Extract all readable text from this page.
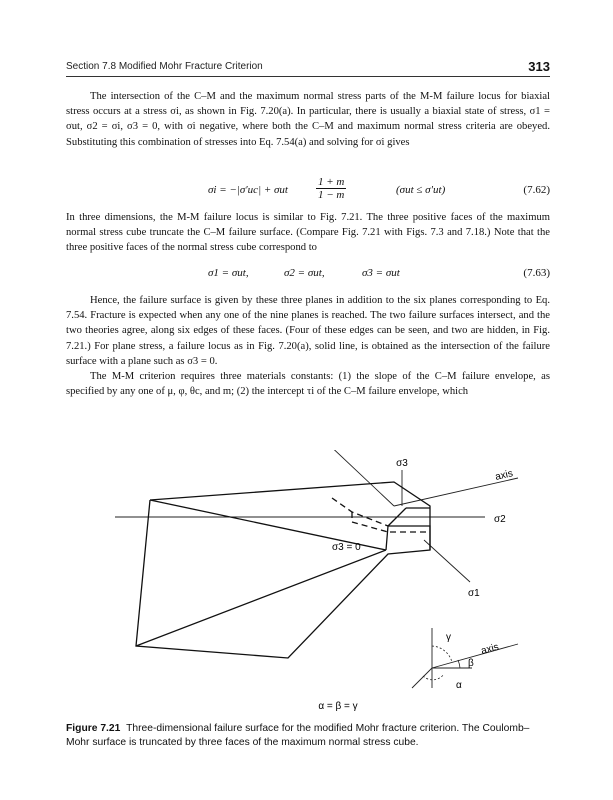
Section 7.8 Modified Mohr Fracture Criterion	313

The intersection of the C–M and the maximum normal stress parts of the M-M failure locus for biaxial stress occurs at a stress σi, as shown in Fig. 7.20(a). In particular, there is usually a biaxial state of stress, σ1 = σut, σ2 = σi, σ3 = 0, with σi negative, where both the C–M and maximum normal stress criteria are obeyed. Substituting this combination of stresses into Eq. 7.54(a) and solving for σi gives

σi = −|σ′uc| + σut	$\frac{1 + m}{1 - m}$	(σut ≤ σ′ut)	(7.62)

In three dimensions, the M-M failure locus is similar to Fig. 7.21. The three positive faces of the maximum normal stress cube truncate the C–M failure surface. (Compare Fig. 7.21 with Figs. 7.3 and 7.18.) Note that the three positive faces of the normal stress cube correspond to

σ1 = σut,	σ2 = σut,	σ3 = σut	(7.63)

Hence, the failure surface is given by these three planes in addition to the six planes corresponding to Eq. 7.54. Fracture is expected when any one of the nine planes is reached. The two failure surfaces intersect, and the two theories agree, along six edges of these faces. (Four of these edges can be seen, and two are hidden, in Fig. 7.21.) For plane stress, a failure locus as in Fig. 7.20(a), solid line, is obtained as the intersection of the failure surface with a plane such as σ3 = 0.

The M-M criterion requires three materials constants: (1) the slope of the C–M failure envelope, as specified by any one of μ, φ, θc, and m; (2) the intercept τi of the C–M failure envelope, which

σ3
σ2
σ1
axis
σ3 = 0
γ
β
α
axis
α = β = γ
Figure 7.21 Three-dimensional failure surface for the modified Mohr fracture criterion. The Coulomb–Mohr surface is truncated by three faces of the maximum normal stress cube.
